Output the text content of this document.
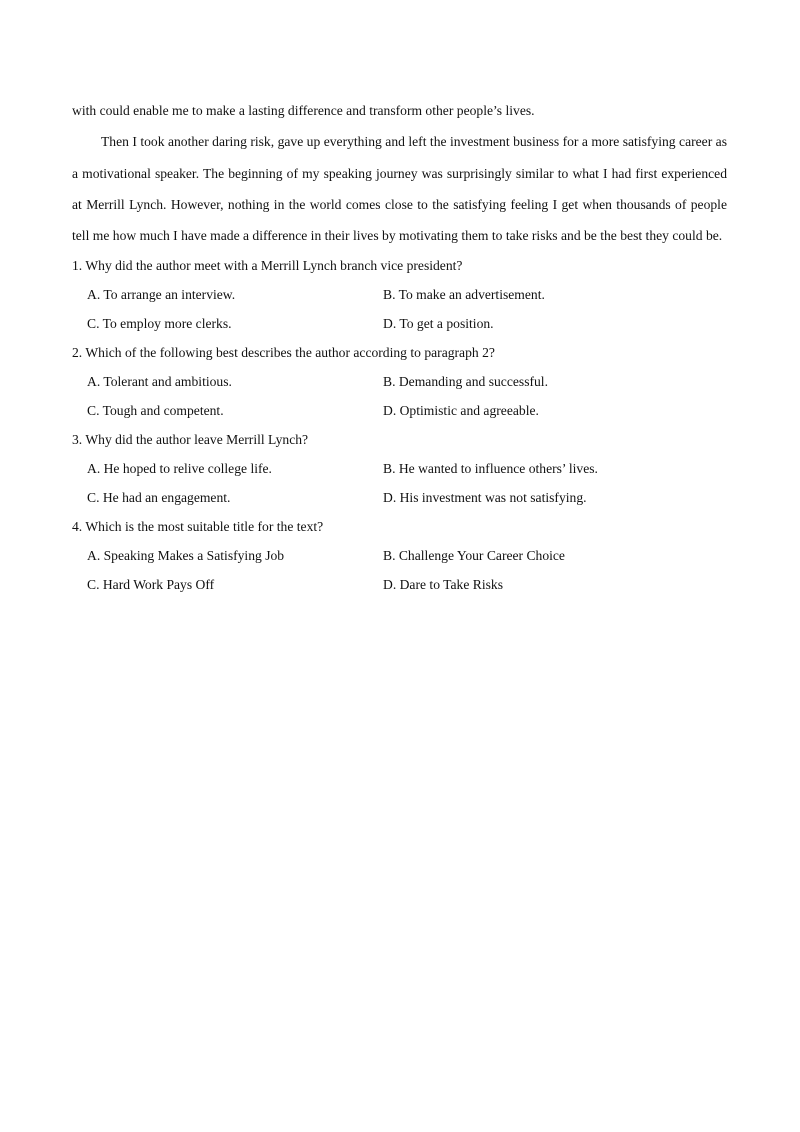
with could enable me to make a lasting difference and transform other people’s lives.

Then I took another daring risk, gave up everything and left the investment business for a more satisfying career as a motivational speaker. The beginning of my speaking journey was surprisingly similar to what I had first experienced at Merrill Lynch. However, nothing in the world comes close to the satisfying feeling I get when thousands of people tell me how much I have made a difference in their lives by motivating them to take risks and be the best they could be.

1. Why did the author meet with a Merrill Lynch branch vice president?

A. To arrange an interview.	B. To make an advertisement.
C. To employ more clerks.	D. To get a position.

2. Which of the following best describes the author according to paragraph 2?

A. Tolerant and ambitious.	B. Demanding and successful.
C. Tough and competent.	D. Optimistic and agreeable.

3. Why did the author leave Merrill Lynch?

A. He hoped to relive college life.	B. He wanted to influence others’ lives.
C. He had an engagement.	D. His investment was not satisfying.

4. Which is the most suitable title for the text?

A. Speaking Makes a Satisfying Job	B. Challenge Your Career Choice
C. Hard Work Pays Off	D. Dare to Take Risks
